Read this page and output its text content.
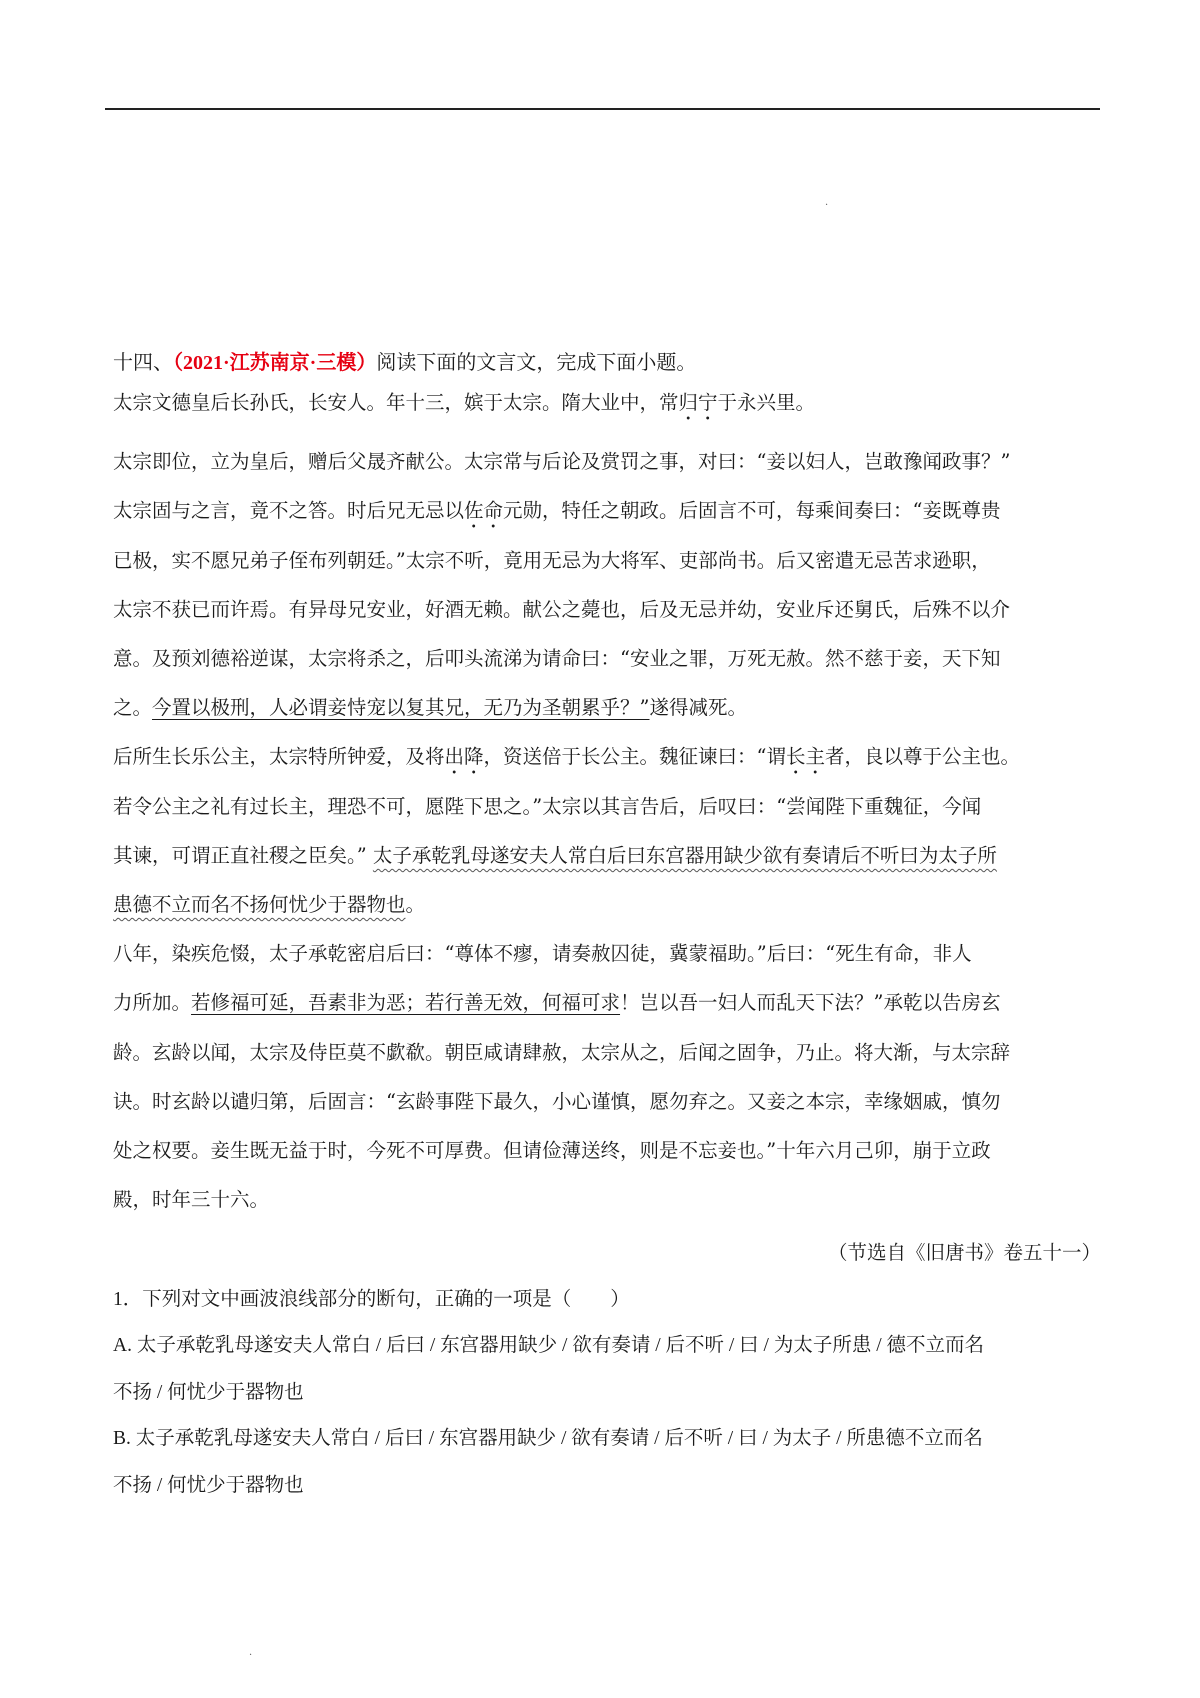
·
·
十四、（2021·江苏南京·三模）阅读下面的文言文，完成下面小题。
太宗文德皇后长孙氏，长安人。年十三，嫔于太宗。隋大业中，常归宁于永兴里。
太宗即位，立为皇后，赠后父晟齐献公。太宗常与后论及赏罚之事，对曰：“妾以妇人，岂敢豫闻政事？”
太宗固与之言，竟不之答。时后兄无忌以佐命元勋，特任之朝政。后固言不可，每乘间奏曰：“妾既尊贵
已极，实不愿兄弟子侄布列朝廷。”太宗不听，竟用无忌为大将军、吏部尚书。后又密遣无忌苦求逊职，
太宗不获已而许焉。有异母兄安业，好酒无赖。献公之薨也，后及无忌并幼，安业斥还舅氏，后殊不以介
意。及预刘德裕逆谋，太宗将杀之，后叩头流涕为请命曰：“安业之罪，万死无赦。然不慈于妾，天下知
之。今置以极刑，人必谓妾恃宠以复其兄，无乃为圣朝累乎？”遂得减死。
后所生长乐公主，太宗特所钟爱，及将出降，资送倍于长公主。魏征谏曰：“谓长主者，良以尊于公主也。
若令公主之礼有过长主，理恐不可，愿陛下思之。”太宗以其言告后，后叹曰：“尝闻陛下重魏征，今闻
其谏，可谓正直社稷之臣矣。” 太子承乾乳母遂安夫人常白后曰东宫器用缺少欲有奏请后不听曰为太子所
患德不立而名不扬何忧少于器物也。
八年，染疾危惙，太子承乾密启后曰：“尊体不瘳，请奏赦囚徒，冀蒙福助。”后曰：“死生有命，非人
力所加。若修福可延，吾素非为恶；若行善无效，何福可求！岂以吾一妇人而乱天下法？”承乾以告房玄
龄。玄龄以闻，太宗及侍臣莫不歔欷。朝臣咸请肆赦，太宗从之，后闻之固争，乃止。将大渐，与太宗辞
诀。时玄龄以谴归第，后固言：“玄龄事陛下最久，小心谨慎，愿勿弃之。又妾之本宗，幸缘姻戚，慎勿
处之权要。妾生既无益于时，今死不可厚费。但请俭薄送终，则是不忘妾也。”十年六月己卯，崩于立政
殿，时年三十六。
（节选自《旧唐书》卷五十一）
1．下列对文中画波浪线部分的断句，正确的一项是（　　）
A. 太子承乾乳母遂安夫人常白 / 后曰 / 东宫器用缺少 / 欲有奏请 / 后不听 / 曰 / 为太子所患 / 德不立而名
不扬 / 何忧少于器物也
B. 太子承乾乳母遂安夫人常白 / 后曰 / 东宫器用缺少 / 欲有奏请 / 后不听 / 曰 / 为太子 / 所患德不立而名
不扬 / 何忧少于器物也
